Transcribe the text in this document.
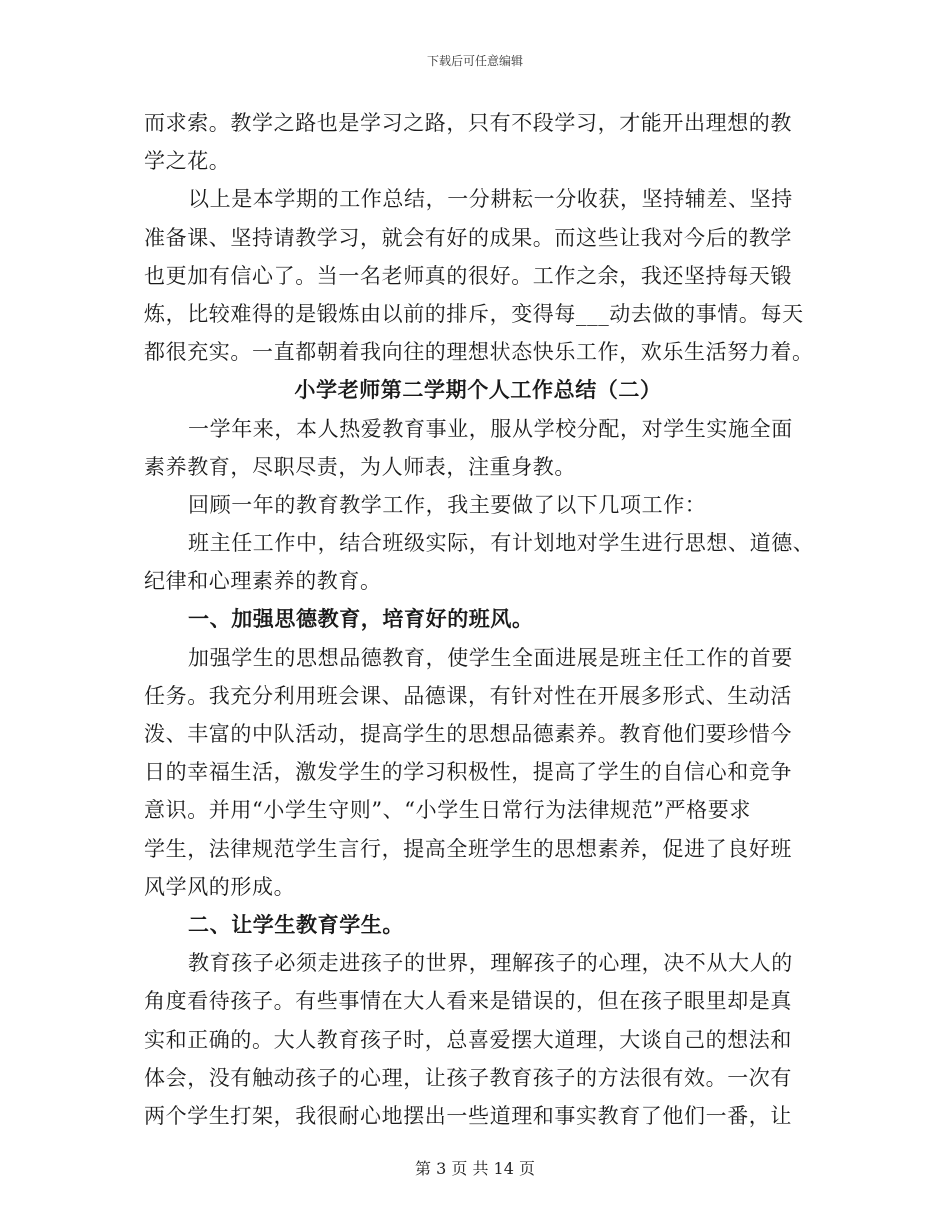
下载后可任意编辑
而求索。教学之路也是学习之路，只有不段学习，才能开出理想的教
学之花。
以上是本学期的工作总结，一分耕耘一分收获，坚持辅差、坚持
准备课、坚持请教学习，就会有好的成果。而这些让我对今后的教学
也更加有信心了。当一名老师真的很好。工作之余，我还坚持每天锻
炼，比较难得的是锻炼由以前的排斥，变得每___动去做的事情。每天
都很充实。一直都朝着我向往的理想状态快乐工作，欢乐生活努力着。
小学老师第二学期个人工作总结（二）
一学年来，本人热爱教育事业，服从学校分配，对学生实施全面
素养教育，尽职尽责，为人师表，注重身教。
回顾一年的教育教学工作，我主要做了以下几项工作：
班主任工作中，结合班级实际，有计划地对学生进行思想、道德、
纪律和心理素养的教育。
一、加强思德教育，培育好的班风。
加强学生的思想品德教育，使学生全面进展是班主任工作的首要
任务。我充分利用班会课、品德课，有针对性在开展多形式、生动活
泼、丰富的中队活动，提高学生的思想品德素养。教育他们要珍惜今
日的幸福生活，激发学生的学习积极性，提高了学生的自信心和竞争
意识。并用“小学生守则”、“小学生日常行为法律规范”严格要求
学生，法律规范学生言行，提高全班学生的思想素养，促进了良好班
风学风的形成。
二、让学生教育学生。
教育孩子必须走进孩子的世界，理解孩子的心理，决不从大人的
角度看待孩子。有些事情在大人看来是错误的，但在孩子眼里却是真
实和正确的。大人教育孩子时，总喜爱摆大道理，大谈自己的想法和
体会，没有触动孩子的心理，让孩子教育孩子的方法很有效。一次有
两个学生打架，我很耐心地摆出一些道理和事实教育了他们一番，让
第 3 页 共 14 页
